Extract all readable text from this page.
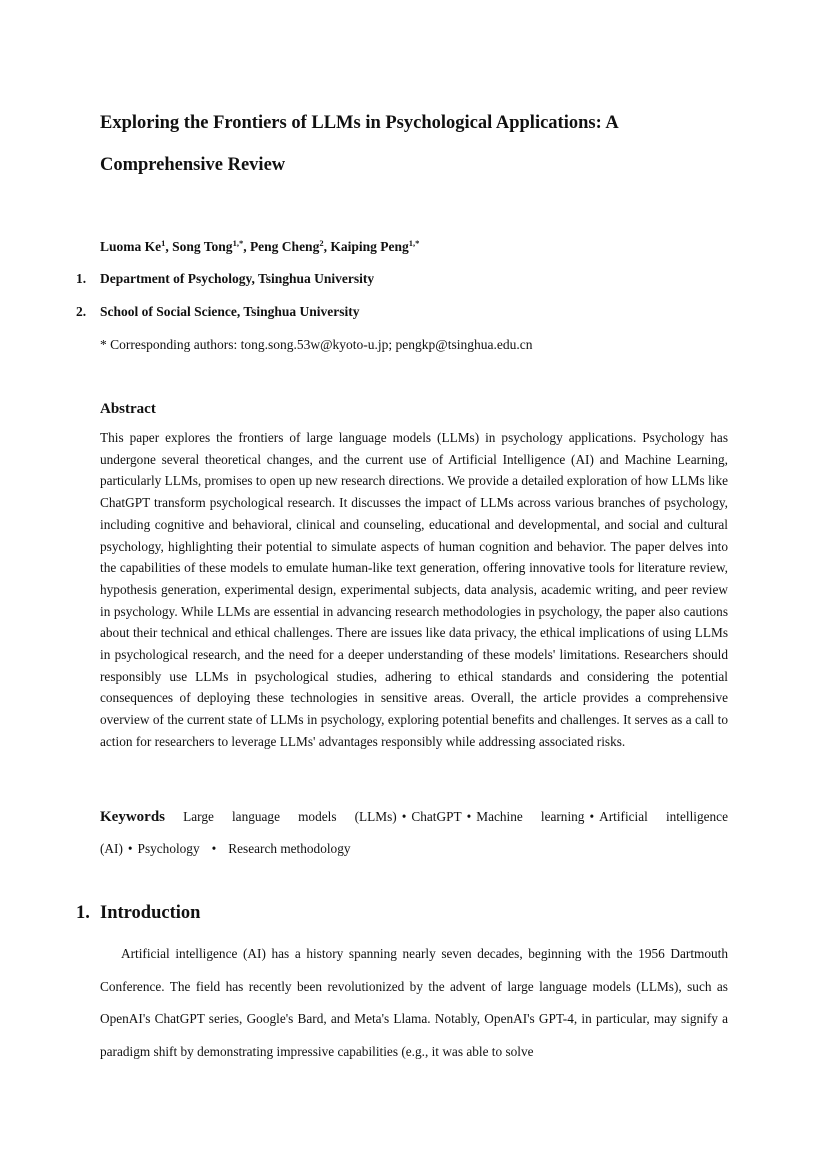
Exploring the Frontiers of LLMs in Psychological Applications: A
Comprehensive Review
Luoma Ke$^1$, Song Tong$^{1,*}$, Peng Cheng$^2$, Kaiping Peng$^{1,*}$
1. Department of Psychology, Tsinghua University
2. School of Social Science, Tsinghua University
* Corresponding authors: tong.song.53w@kyoto-u.jp; pengkp@tsinghua.edu.cn
Abstract

This paper explores the frontiers of large language models (LLMs) in psychology applications. Psychology has undergone several theoretical changes, and the current use of Artificial Intelligence (AI) and Machine Learning, particularly LLMs, promises to open up new research directions. We provide a detailed exploration of how LLMs like ChatGPT transform psychological research. It discusses the impact of LLMs across various branches of psychology, including cognitive and behavioral, clinical and counseling, educational and developmental, and social and cultural psychology, highlighting their potential to simulate aspects of human cognition and behavior. The paper delves into the capabilities of these models to emulate human-like text generation, offering innovative tools for literature review, hypothesis generation, experimental design, experimental subjects, data analysis, academic writing, and peer review in psychology. While LLMs are essential in advancing research methodologies in psychology, the paper also cautions about their technical and ethical challenges. There are issues like data privacy, the ethical implications of using LLMs in psychological research, and the need for a deeper understanding of these models' limitations. Researchers should responsibly use LLMs in psychological studies, adhering to ethical standards and considering the potential consequences of deploying these technologies in sensitive areas. Overall, the article provides a comprehensive overview of the current state of LLMs in psychology, exploring potential benefits and challenges. It serves as a call to action for researchers to leverage LLMs' advantages responsibly while addressing associated risks.

Keywords Large language models (LLMs) • ChatGPT • Machine learning • Artificial intelligence (AI) • Psychology • Research methodology

1. Introduction

Artificial intelligence (AI) has a history spanning nearly seven decades, beginning with the 1956 Dartmouth Conference. The field has recently been revolutionized by the advent of large language models (LLMs), such as OpenAI's ChatGPT series, Google's Bard, and Meta's Llama. Notably, OpenAI's GPT-4, in particular, may signify a paradigm shift by demonstrating impressive capabilities (e.g., it was able to solve
